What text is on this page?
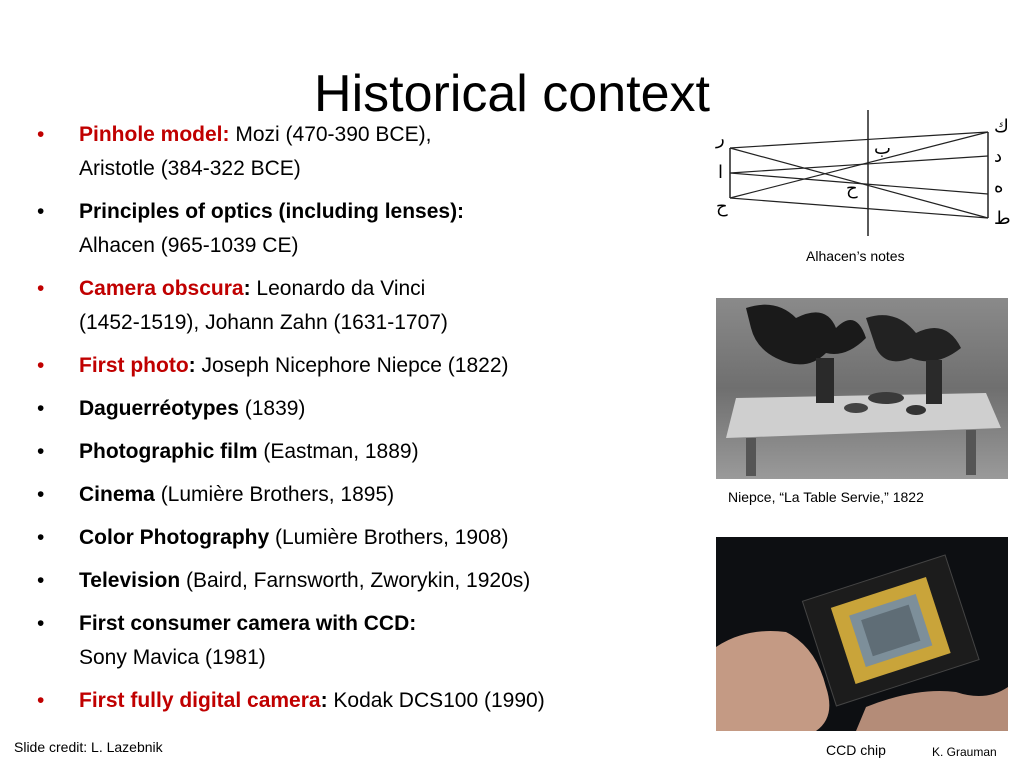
Historical context
• Pinhole model: Mozi (470-390 BCE),
Aristotle (384-322 BCE)
• Principles of optics (including lenses):
Alhacen (965-1039 CE)
• Camera obscura: Leonardo da Vinci
(1452-1519), Johann Zahn (1631-1707)
• First photo: Joseph Nicephore Niepce (1822)
• Daguerréotypes (1839)
• Photographic film (Eastman, 1889)
• Cinema (Lumière Brothers, 1895)
• Color Photography (Lumière Brothers, 1908)
• Television (Baird, Farnsworth, Zworykin, 1920s)
• First consumer camera with CCD:
Sony Mavica (1981)
• First fully digital camera: Kodak DCS100 (1990)
ر
ا
ح
ك
د
ه
ط
ب
ح
Alhacen’s notes
Niepce, “La Table Servie,” 1822
CCD chip
Slide credit: L. Lazebnik	K. Grauman
